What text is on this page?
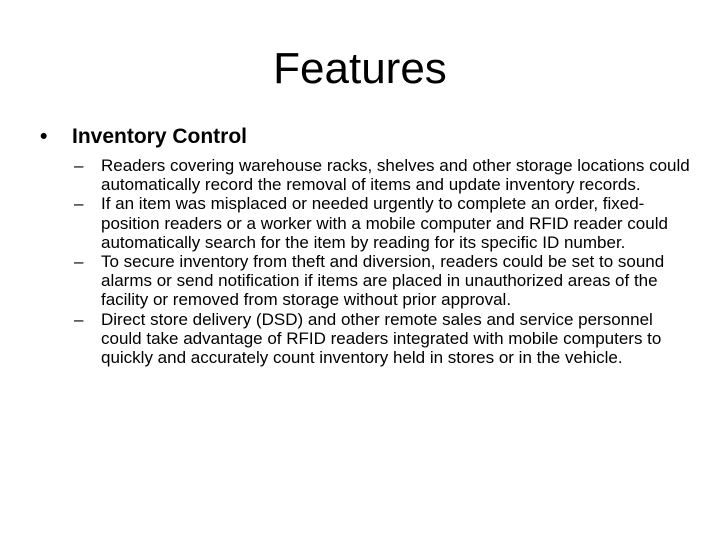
Features
• Inventory Control
– Readers covering warehouse racks, shelves and other storage locations could automatically record the removal of items and update inventory records.
– If an item was misplaced or needed urgently to complete an order, fixed-position readers or a worker with a mobile computer and RFID reader could automatically search for the item by reading for its specific ID number.
– To secure inventory from theft and diversion, readers could be set to sound alarms or send notification if items are placed in unauthorized areas of the facility or removed from storage without prior approval.
– Direct store delivery (DSD) and other remote sales and service personnel could take advantage of RFID readers integrated with mobile computers to quickly and accurately count inventory held in stores or in the vehicle.
